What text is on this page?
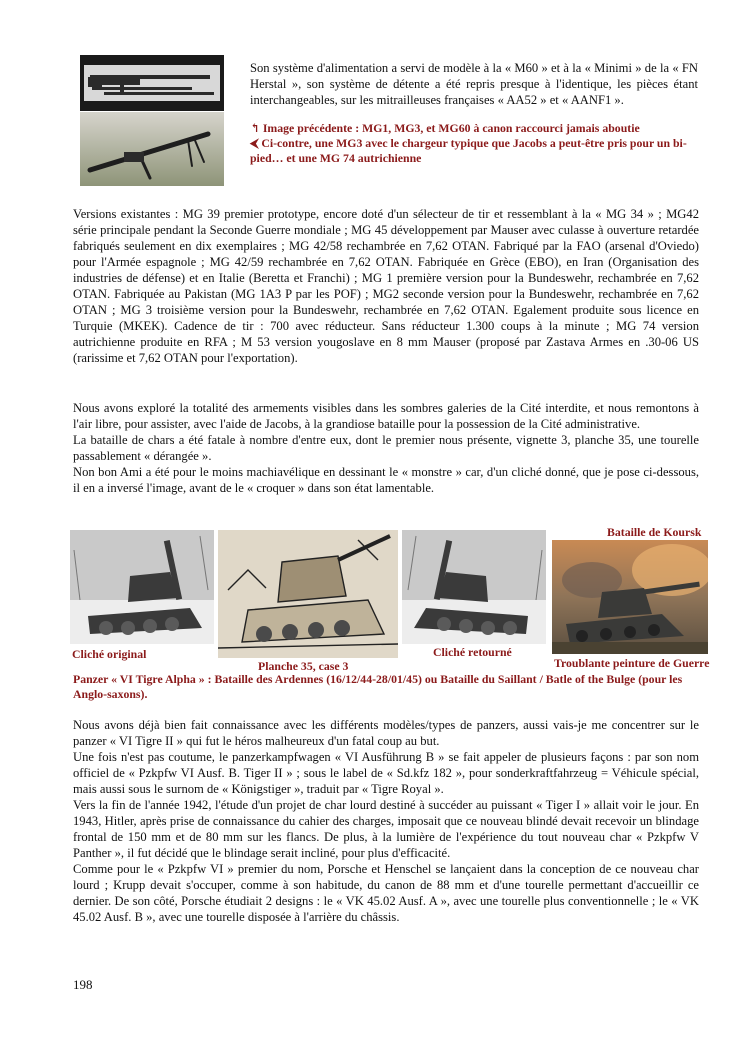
Son système d'alimentation a servi de modèle à la « M60 » et à la « Minimi » de la « FN Herstal », son système de détente a été repris presque à l'identique, les pièces étant interchangeables, sur les mitrailleuses françaises « AA52 » et « AANF1 ».

↰ Image précédente : MG1, MG3, et MG60 à canon raccourci jamais aboutie

⮜ Ci-contre, une MG3 avec le chargeur typique que Jacobs a peut-être pris pour un bi-pied… et une MG 74 autrichienne

Versions existantes : MG 39 premier prototype, encore doté d'un sélecteur de tir et ressemblant à la « MG 34 » ; MG42 série principale pendant la Seconde Guerre mondiale ; MG 45 développement par Mauser avec culasse à ouverture retardée fabriqués seulement en dix exemplaires ; MG 42/58 rechambrée en 7,62 OTAN. Fabriqué par la FAO (arsenal d'Oviedo) pour l'Armée espagnole ; MG 42/59 rechambrée en 7,62 OTAN. Fabriquée en Grèce (EBO), en Iran (Organisation des industries de défense) et en Italie (Beretta et Franchi) ; MG 1 première version pour la Bundeswehr, rechambrée en 7,62 OTAN. Fabriquée au Pakistan (MG 1A3 P par les POF) ; MG2 seconde version pour la Bundeswehr, rechambrée en 7,62 OTAN ; MG 3 troisième version pour la Bundeswehr, rechambrée en 7,62 OTAN. Egalement produite sous licence en Turquie (MKEK). Cadence de tir : 700 avec réducteur. Sans réducteur 1.300 coups à la minute ; MG 74 version autrichienne produite en RFA ; M 53 version yougoslave en 8 mm Mauser (proposé par Zastava Armes en .30-06 US (rarissime et 7,62 OTAN pour l'exportation).

Nous avons exploré la totalité des armements visibles dans les sombres galeries de la Cité interdite, et nous remontons à l'air libre, pour assister, avec l'aide de Jacobs, à la grandiose bataille pour la possession de la Cité administrative.

La bataille de chars a été fatale à nombre d'entre eux, dont le premier nous présente, vignette 3, planche 35, une tourelle passablement « dérangée ».

Non bon Ami a été pour le moins machiavélique en dessinant le « monstre » car, d'un cliché donné, que je pose ci-dessous, il en a inversé l'image, avant de le « croquer » dans son état lamentable.

Cliché original
Planche 35, case 3
Cliché retourné
Bataille de Koursk
Troublante peinture de Guerre

Panzer « VI Tigre Alpha » : Bataille des Ardennes (16/12/44-28/01/45) ou Bataille du Saillant / Batle of the Bulge (pour les Anglo-saxons).

Nous avons déjà bien fait connaissance avec les différents modèles/types de panzers, aussi vais-je me concentrer sur le panzer « VI Tigre II » qui fut le héros malheureux d'un fatal coup au but.

Une fois n'est pas coutume, le panzerkampfwagen « VI Ausführung B » se fait appeler de plusieurs façons : par son nom officiel de « Pzkpfw VI Ausf. B. Tiger II » ; sous le label de « Sd.kfz 182 », pour sonderkraftfahrzeug = Véhicule spécial, mais aussi sous le surnom de « Königstiger », traduit par « Tigre Royal ».

Vers la fin de l'année 1942, l'étude d'un projet de char lourd destiné à succéder au puissant « Tiger I » allait voir le jour. En 1943, Hitler, après prise de connaissance du cahier des charges, imposait que ce nouveau blindé devait recevoir un blindage frontal de 150 mm et de 80 mm sur les flancs. De plus, à la lumière de l'expérience du tout nouveau char « Pzkpfw V Panther », il fut décidé que le blindage serait incliné, pour plus d'efficacité.

Comme pour le « Pzkpfw VI » premier du nom, Porsche et Henschel se lançaient dans la conception de ce nouveau char lourd ; Krupp devait s'occuper, comme à son habitude, du canon de 88 mm et d'une tourelle permettant d'accueillir ce dernier. De son côté, Porsche étudiait 2 designs : le « VK 45.02 Ausf. A », avec une tourelle plus conventionnelle ; le « VK 45.02 Ausf. B », avec une tourelle disposée à l'arrière du châssis.

198
